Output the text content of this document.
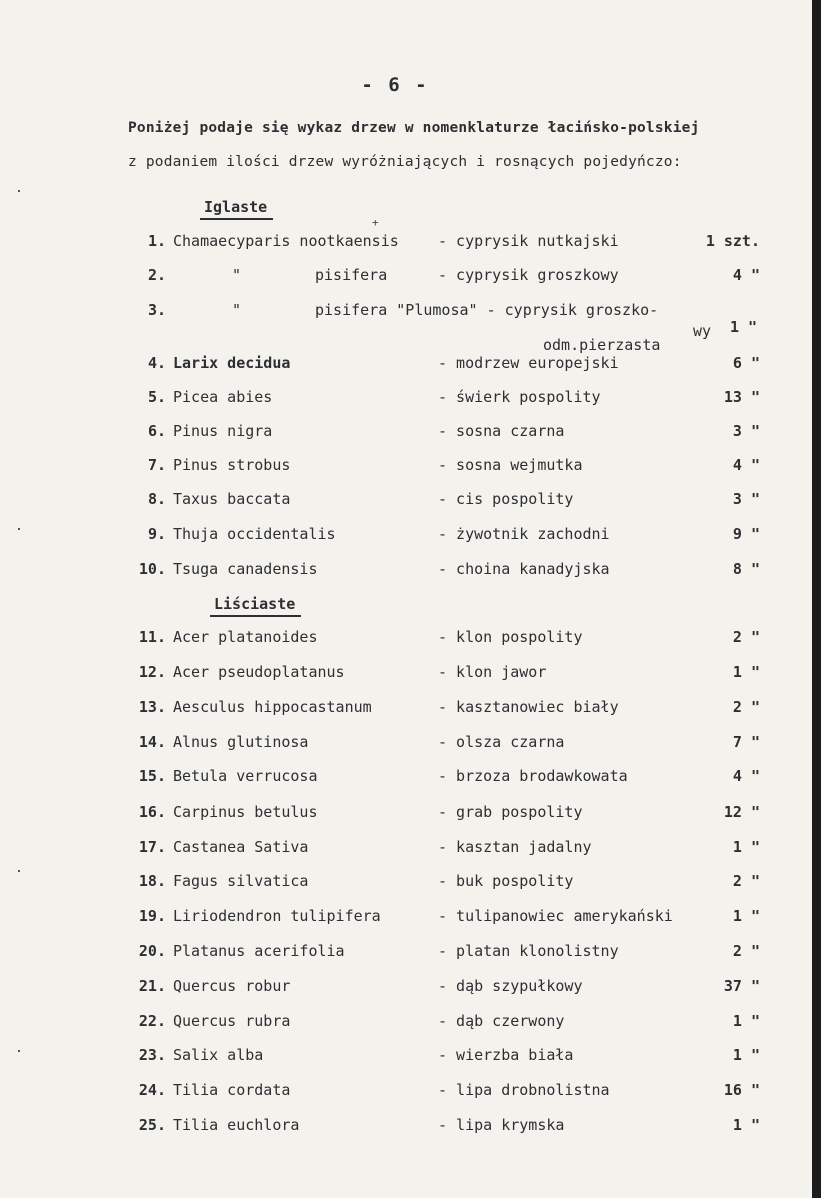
- 6 -
Poniżej podaje się wykaz drzew w nomenklaturze łacińsko-polskiej
z podaniem ilości drzew wyróżniających i rosnących pojedyńczo:
Iglaste
Liściaste
+
1. Chamaecyparis nootkaensis	- cyprysik nutkajski	1 szt.
2.	"	pisifera	- cyprysik groszkowy	4 "
3.	"	pisifera "Plumosa" - cyprysik groszko-
wy 1 "
odm.pierzasta
4. Larix decidua	- modrzew europejski	6 "
5. Picea abies	- świerk pospolity	13 "
6. Pinus nigra	- sosna czarna	3 "
7. Pinus strobus	- sosna wejmutka	4 "
8. Taxus baccata	- cis pospolity	3 "
9. Thuja occidentalis	- żywotnik zachodni	9 "
10. Tsuga canadensis	- choina kanadyjska	8 "
11. Acer platanoides	- klon pospolity	2 "
12. Acer pseudoplatanus	- klon jawor	1 "
13. Aesculus hippocastanum	- kasztanowiec biały	2 "
14. Alnus glutinosa	- olsza czarna	7 "
15. Betula verrucosa	- brzoza brodawkowata	4 "
16. Carpinus betulus	- grab pospolity	12 "
17. Castanea Sativa	- kasztan jadalny	1 "
18. Fagus silvatica	- buk pospolity	2 "
19. Liriodendron tulipifera	- tulipanowiec amerykański	1 "
20. Platanus acerifolia	- platan klonolistny	2 "
21. Quercus robur	- dąb szypułkowy	37 "
22. Quercus rubra	- dąb czerwony	1 "
23. Salix alba	- wierzba biała	1 "
24. Tilia cordata	- lipa drobnolistna	16 "
25. Tilia euchlora	- lipa krymska	1 "
